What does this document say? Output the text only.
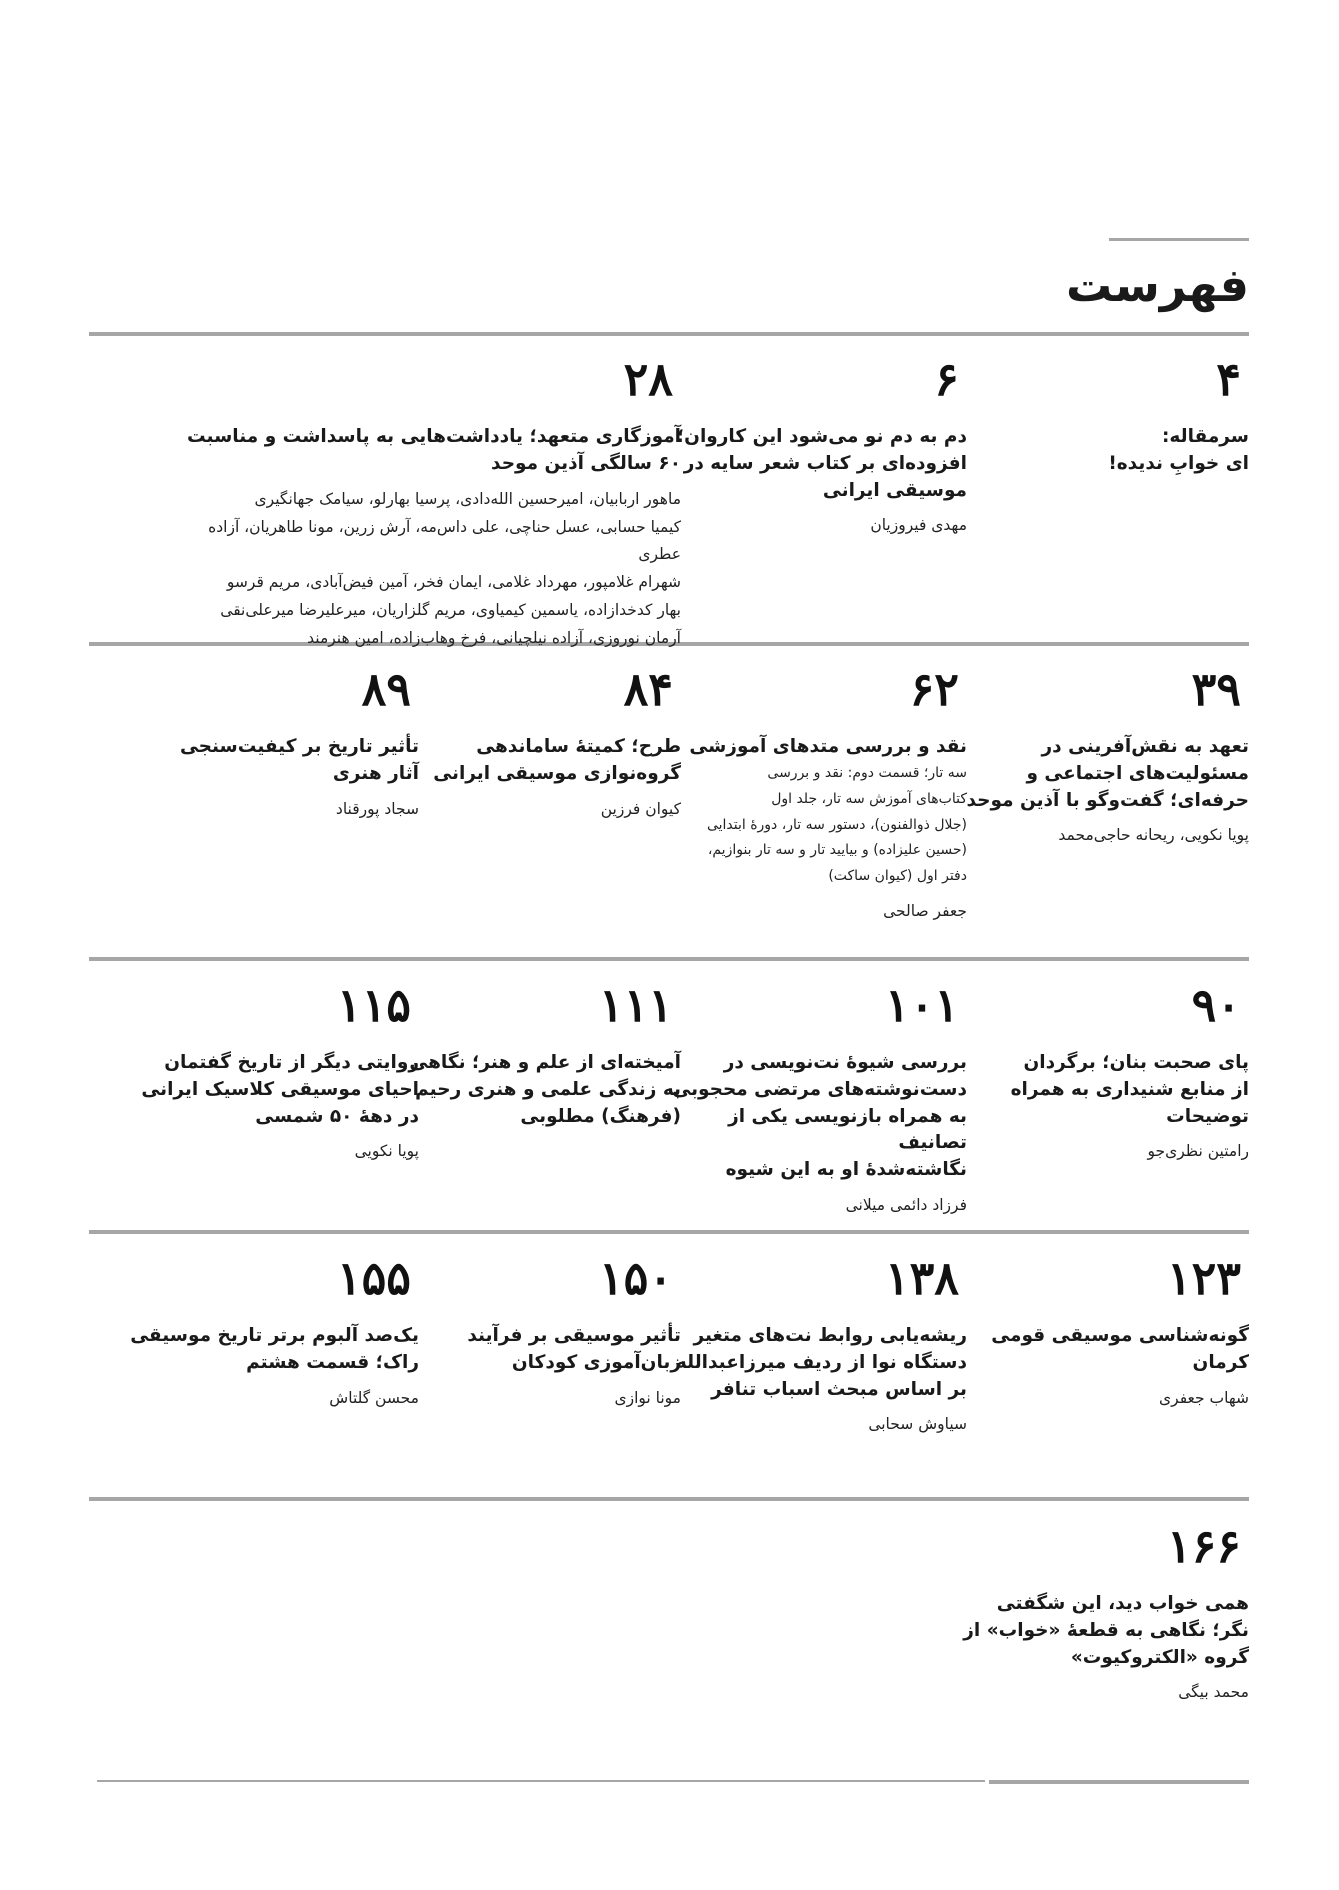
فهرست
۴
سرمقاله:
ای خوابِ ندیده!
۶
دم به دم نو می‌شود این کاروان؛
افزوده‌ای بر کتاب شعر سایه در
موسیقی ایرانی
مهدی فیروزیان
۲۸
آموزگاری متعهد؛ یادداشت‌هایی به پاسداشت و مناسبت
۶۰ سالگی آذین موحد
ماهور اربابیان، امیرحسین الله‌دادی، پرسیا بهارلو، سیامک جهانگیری
کیمیا حسابی، عسل حناچی، علی داس‌مه، آرش زرین، مونا طاهریان، آزاده عطری
شهرام غلامپور، مهرداد غلامی، ایمان فخر، آمین فیض‌آبادی، مریم قرسو
بهار کدخدازاده، یاسمین کیمیاوی، مریم گلزاریان، میرعلیرضا میرعلی‌نقی
آرمان نوروزی، آزاده نیلچیانی، فرخ وهاب‌زاده، امین هنرمند
۳۹
تعهد به نقش‌آفرینی در
مسئولیت‌های اجتماعی و
حرفه‌ای؛ گفت‌وگو با آذین موحد
پویا نکویی، ریحانه حاجی‌محمد
۶۲
نقد و بررسی متدهای آموزشی
سه تار؛ قسمت دوم: نقد و بررسی
کتاب‌های آموزش سه تار، جلد اول
(جلال ذوالفنون)، دستور سه تار، دورهٔ ابتدایی
(حسین علیزاده) و بیایید تار و سه تار بنوازیم،
دفتر اول (کیوان ساکت)
جعفر صالحی
۸۴
طرح؛ کمیتهٔ ساماندهی
گروه‌نوازی موسیقی ایرانی
کیوان فرزین
۸۹
تأثیر تاریخ بر کیفیت‌سنجی
آثار هنری
سجاد پورقناد
۹۰
پای صحبت بنان؛ برگردان
از منابع شنیداری به همراه
توضیحات
رامتین نظری‌جو
۱۰۱
بررسی شیوهٔ نت‌نویسی در
دست‌نوشته‌های مرتضی محجوبی
به همراه بازنویسی یکی از تصانیف
نگاشته‌شدهٔ او به این شیوه
فرزاد دائمی میلانی
۱۱۱
آمیخته‌ای از علم و هنر؛ نگاهی
به زندگی علمی و هنری رحیم
(فرهنگ) مطلوبی
۱۱۵
روایتی دیگر از تاریخ گفتمان
احیای موسیقی کلاسیک ایرانی
در دههٔ ۵۰ شمسی
پویا نکویی
۱۲۳
گونه‌شناسی موسیقی قومی
کرمان
شهاب جعفری
۱۳۸
ریشه‌یابی روابط نت‌های متغیر
دستگاه نوا از ردیف میرزاعبدالله
بر اساس مبحث اسباب تنافر
سیاوش سحابی
۱۵۰
تأثیر موسیقی بر فرآیند
زبان‌آموزی کودکان
مونا نوازی
۱۵۵
یک‌صد آلبوم برتر تاریخ موسیقی
راک؛ قسمت هشتم
محسن گلتاش
۱۶۶
همی خواب دید، این شگفتی
نگر؛ نگاهی به قطعهٔ «خواب» از
گروه «الکتروکیوت»
محمد بیگی
